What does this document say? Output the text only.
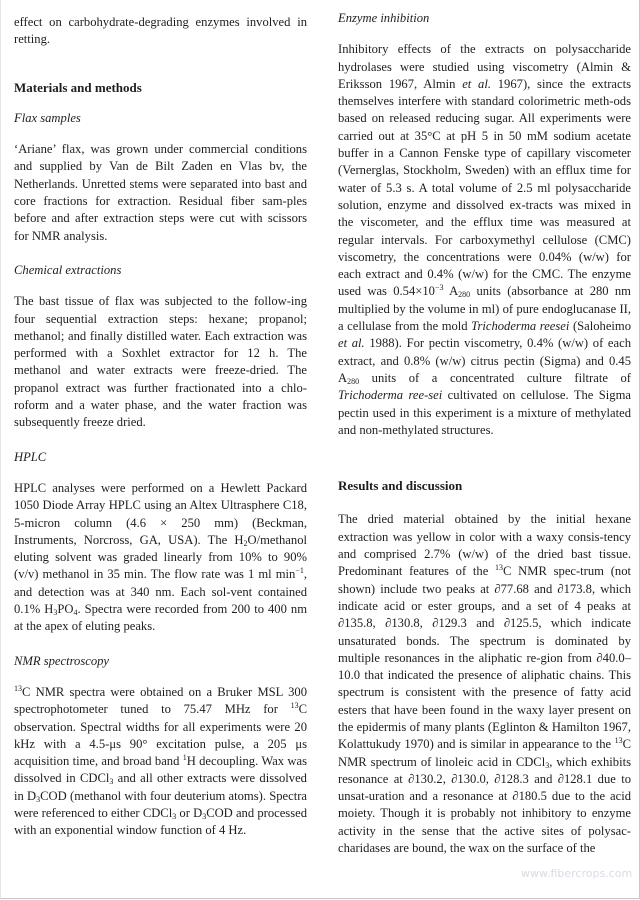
effect on carbohydrate-degrading enzymes involved in retting.

Materials and methods

Flax samples

‘Ariane’ flax, was grown under commercial conditions and supplied by Van de Bilt Zaden en Vlas bv, the Netherlands. Unretted stems were separated into bast and core fractions for extraction. Residual fiber sam-ples before and after extraction steps were cut with scissors for NMR analysis.

Chemical extractions

The bast tissue of flax was subjected to the follow-ing four sequential extraction steps: hexane; propanol; methanol; and finally distilled water. Each extraction was performed with a Soxhlet extractor for 12 h. The methanol and water extracts were freeze-dried. The propanol extract was further fractionated into a chlo-roform and a water phase, and the water fraction was subsequently freeze dried.

HPLC

HPLC analyses were performed on a Hewlett Packard 1050 Diode Array HPLC using an Altex Ultrasphere C18, 5-micron column (4.6 × 250 mm) (Beckman, Instruments, Norcross, GA, USA). The $H_2O$/methanol eluting solvent was graded linearly from 10% to 90% (v/v) methanol in 35 min. The flow rate was 1 ml $\min^{-1}$, and detection was at 340 nm. Each sol-vent contained 0.1% $H_3PO_4$. Spectra were recorded from 200 to 400 nm at the apex of eluting peaks.

NMR spectroscopy

$^{13}$C NMR spectra were obtained on a Bruker MSL 300 spectrophotometer tuned to 75.47 MHz for $^{13}$C observation. Spectral widths for all experiments were 20 kHz with a 4.5-μs 90° excitation pulse, a 205 μs acquisition time, and broad band $^1$H decoupling. Wax was dissolved in CDCl$_3$ and all other extracts were dissolved in $D_3COD$ (methanol with four deuterium atoms). Spectra were referenced to either CDCl$_3$ or $D_3COD$ and processed with an exponential window function of 4 Hz.

Enzyme inhibition

Inhibitory effects of the extracts on polysaccharide hydrolases were studied using viscometry (Almin & Eriksson 1967, Almin et al. 1967), since the extracts themselves interfere with standard colorimetric meth-ods based on released reducing sugar. All experiments were carried out at 35°C at pH 5 in 50 mM sodium acetate buffer in a Cannon Fenske type of capillary viscometer (Vernerglas, Stockholm, Sweden) with an efflux time for water of 5.3 s. A total volume of 2.5 ml polysaccharide solution, enzyme and dissolved ex-tracts was mixed in the viscometer, and the efflux time was measured at regular intervals. For carboxymethyl cellulose (CMC) viscometry, the concentrations were 0.04% (w/w) for each extract and 0.4% (w/w) for the CMC. The enzyme used was $0.54\times 10^{-3}$ $A_{280}$ units (absorbance at 280 nm multiplied by the volume in ml) of pure endoglucanase II, a cellulase from the mold Trichoderma reesei (Saloheimo et al. 1988). For pectin viscometry, 0.4% (w/w) of each extract, and 0.8% (w/w) citrus pectin (Sigma) and 0.45 $A_{280}$ units of a concentrated culture filtrate of Trichoderma ree-sei cultivated on cellulose. The Sigma pectin used in this experiment is a mixture of methylated and non-methylated structures.

Results and discussion

The dried material obtained by the initial hexane extraction was yellow in color with a waxy consis-tency and comprised 2.7% (w/w) of the dried bast tissue. Predominant features of the $^{13}$C NMR spec-trum (not shown) include two peaks at ∂77.68 and ∂173.8, which indicate acid or ester groups, and a set of 4 peaks at ∂135.8, ∂130.8, ∂129.3 and ∂125.5, which indicate unsaturated bonds. The spectrum is dominated by multiple resonances in the aliphatic re-gion from ∂40.0–10.0 that indicated the presence of aliphatic chains. This spectrum is consistent with the presence of fatty acid esters that have been found in the waxy layer present on the epidermis of many plants (Eglinton & Hamilton 1967, Kolattukudy 1970) and is similar in appearance to the $^{13}$C NMR spectrum of linoleic acid in CDCl$_3$, which exhibits resonance at ∂130.2, ∂130.0, ∂128.3 and ∂128.1 due to unsat-uration and a resonance at ∂180.5 due to the acid moiety. Though it is probably not inhibitory to enzyme activity in the sense that the active sites of polysac-charidases are bound, the wax on the surface of the

www.fibercrops.com
